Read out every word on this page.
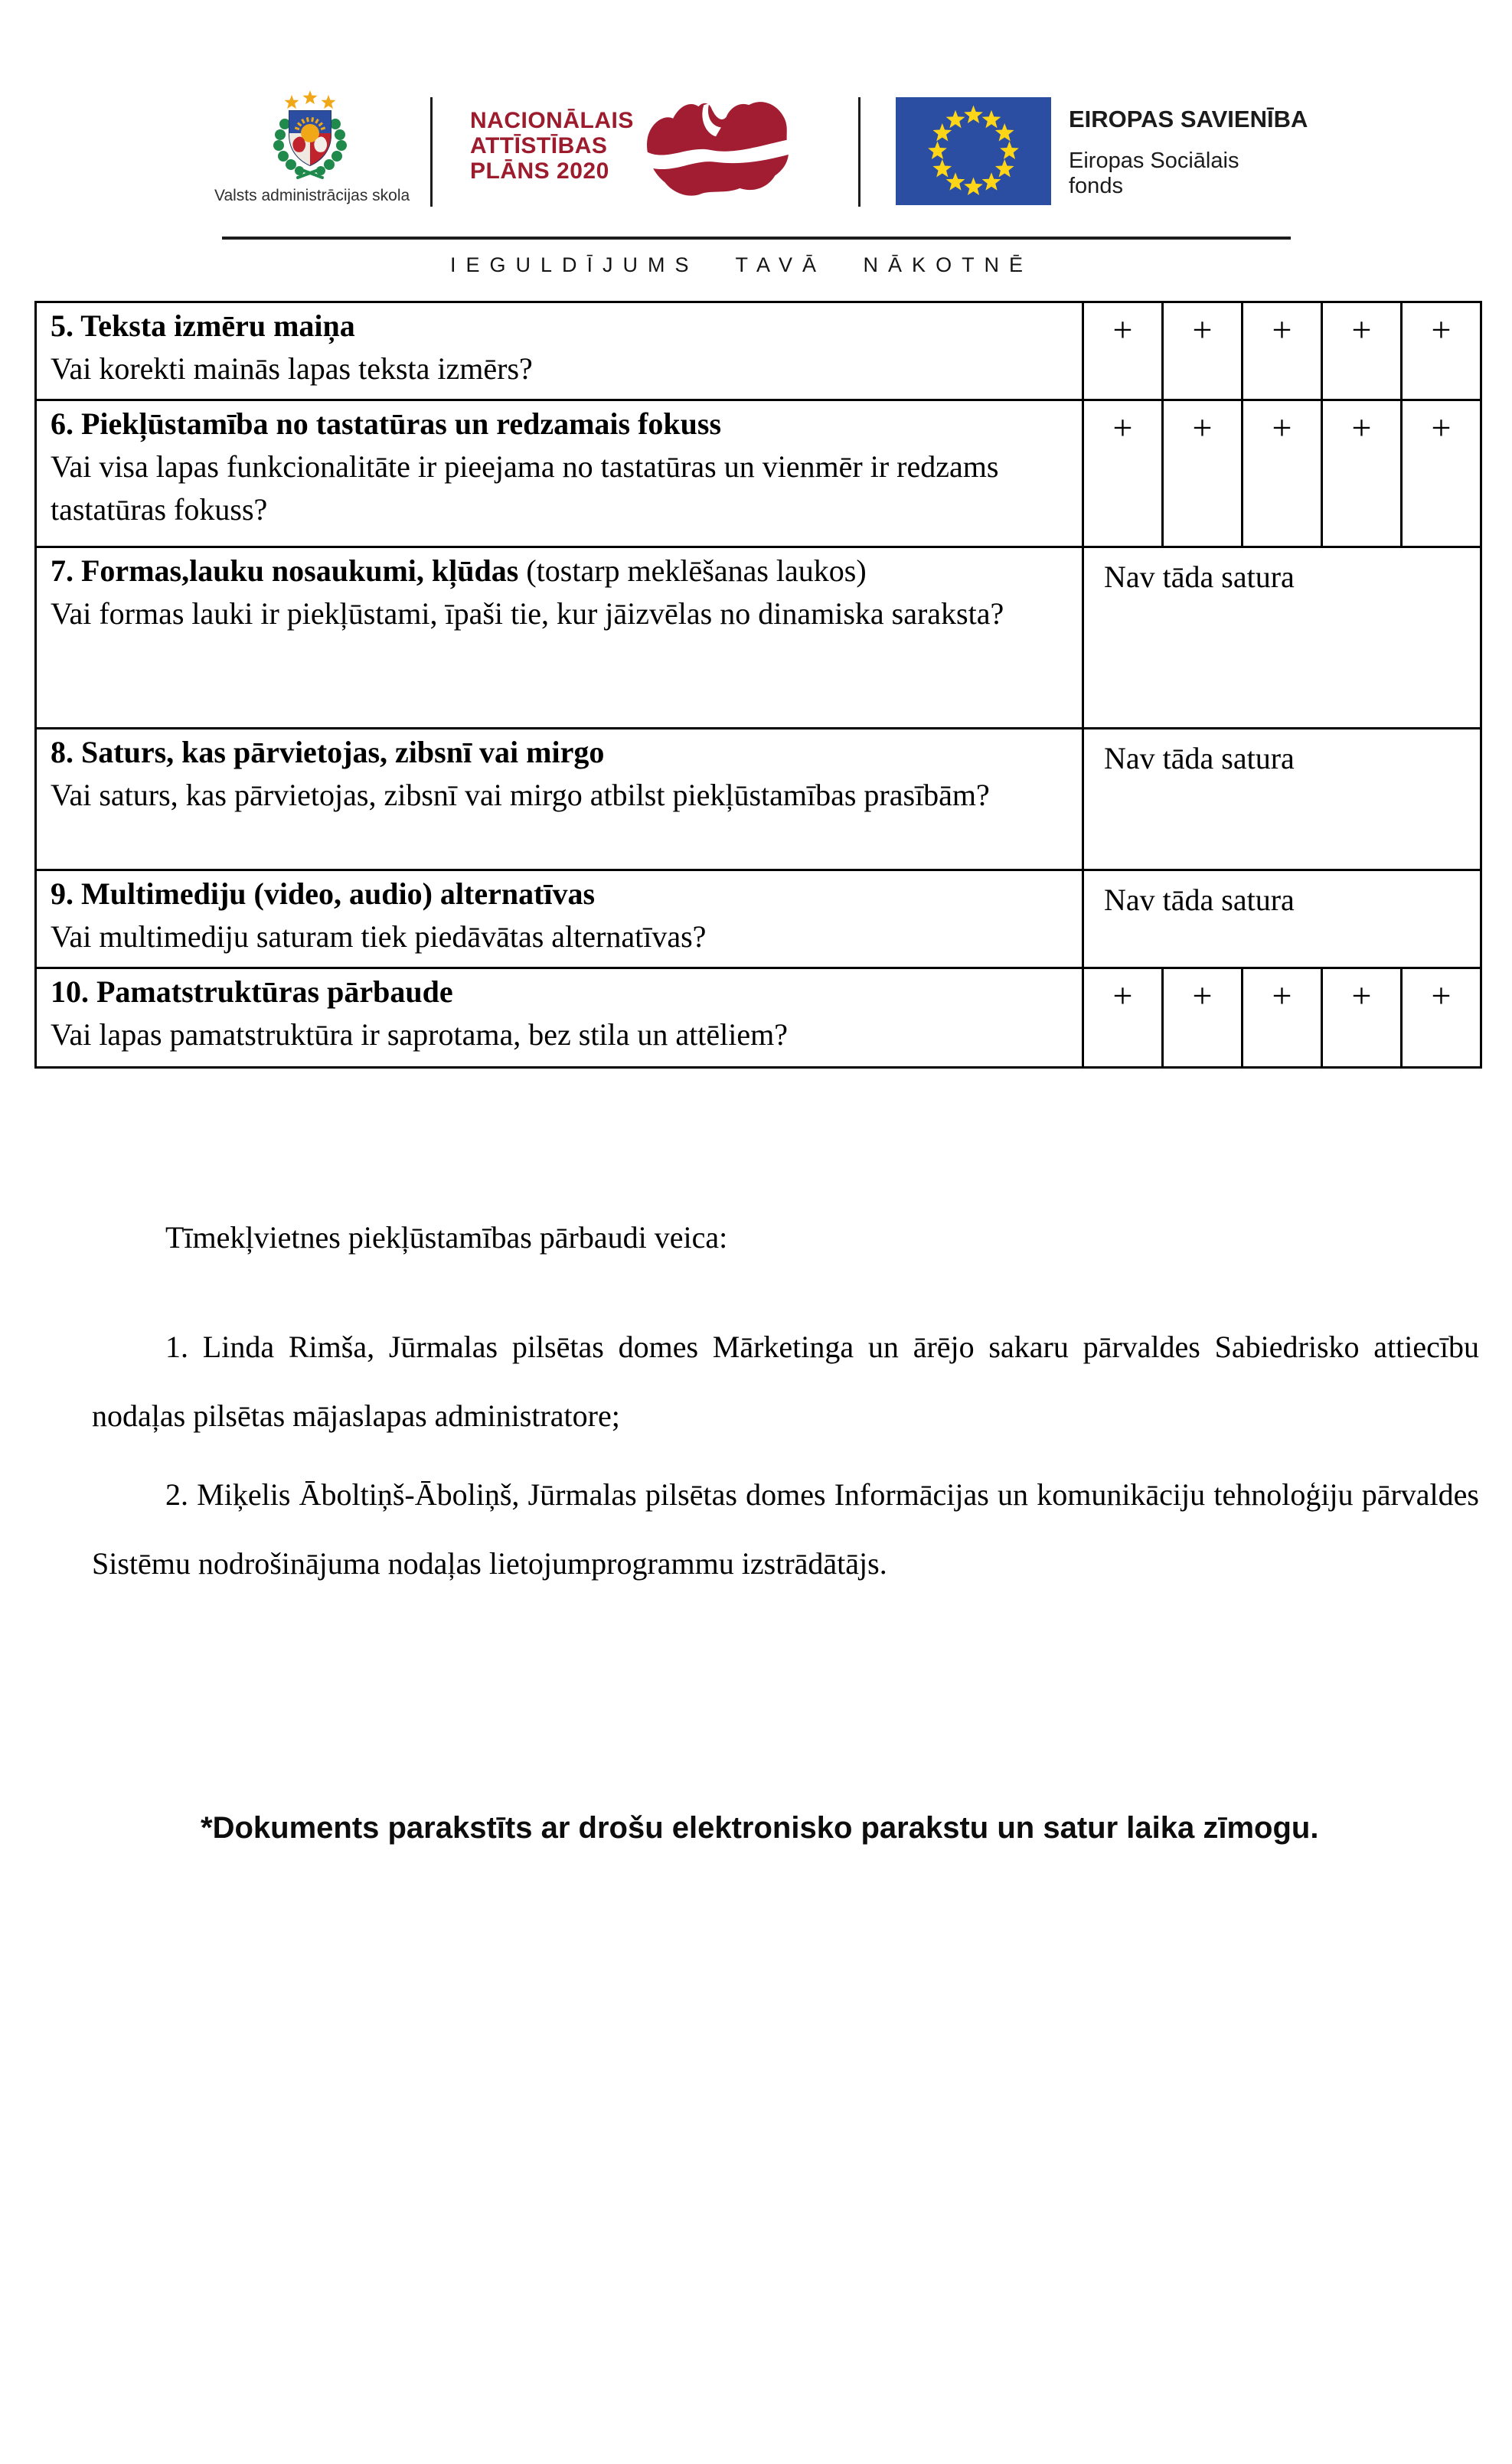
Valsts administrācijas skola
NACIONĀLAIS
ATTĪSTĪBAS
PLĀNS 2020
EIROPAS SAVIENĪBA
Eiropas Sociālais
fonds
IEGULDĪJUMS TAVĀ NĀKOTNĒ
5. Teksta izmēru maiņa
Vai korekti mainās lapas teksta izmērs?	+	+	+	+	+
6. Piekļūstamība no tastatūras un redzamais fokuss
Vai visa lapas funkcionalitāte ir pieejama no tastatūras un vienmēr ir redzams tastatūras fokuss?	+	+	+	+	+
7. Formas,lauku nosaukumi, kļūdas (tostarp meklēšanas laukos)
Vai formas lauki ir piekļūstami, īpaši tie, kur jāizvēlas no dinamiska saraksta?	Nav tāda satura				
8. Saturs, kas pārvietojas, zibsnī vai mirgo
Vai saturs, kas pārvietojas, zibsnī vai mirgo atbilst piekļūstamības prasībām?	Nav tāda satura				
9. Multimediju (video, audio) alternatīvas
Vai multimediju saturam tiek piedāvātas alternatīvas?	Nav tāda satura				
10. Pamatstruktūras pārbaude
Vai lapas pamatstruktūra ir saprotama, bez stila un attēliem?	+	+	+	+	+
Tīmekļvietnes piekļūstamības pārbaudi veica:

1. Linda Rimša, Jūrmalas pilsētas domes Mārketinga un ārējo sakaru pārvaldes Sabiedrisko attiecību nodaļas pilsētas mājaslapas administratore;

2. Miķelis Āboltiņš-Āboliņš, Jūrmalas pilsētas domes Informācijas un komunikāciju tehnoloģiju pārvaldes Sistēmu nodrošinājuma nodaļas lietojumprogrammu izstrādātājs.

*Dokuments parakstīts ar drošu elektronisko parakstu un satur laika zīmogu.
